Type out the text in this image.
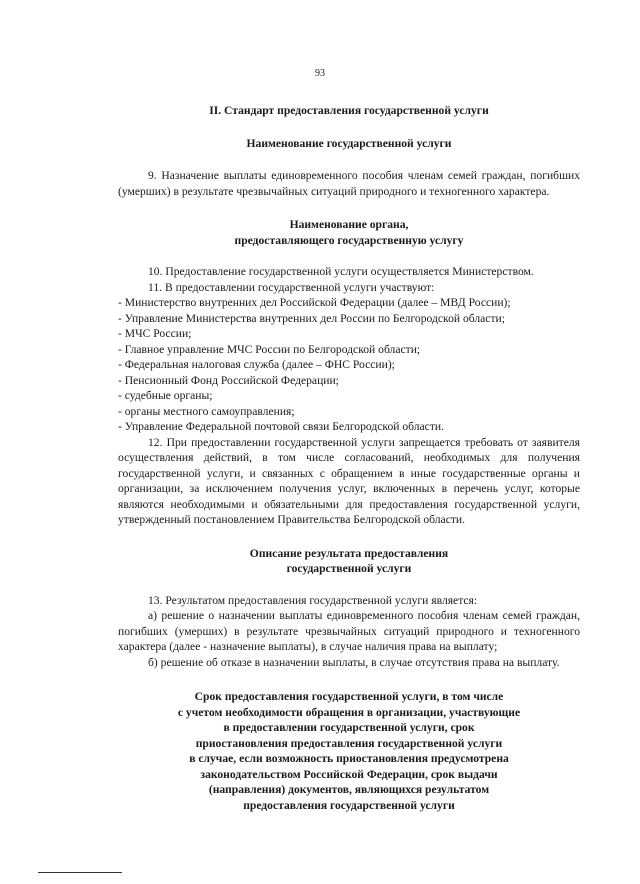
93

II. Стандарт предоставления государственной услуги

Наименование государственной услуги

9. Назначение выплаты единовременного пособия членам семей граждан, погибших (умерших) в результате чрезвычайных ситуаций природного и техногенного характера.

Наименование органа,

предоставляющего государственную услугу

10. Предоставление государственной услуги осуществляется Министерством.

11. В предоставлении государственной услуги участвуют:

- Министерство внутренних дел Российской Федерации (далее – МВД России);

- Управление Министерства внутренних дел России по Белгородской области;

- МЧС России;

- Главное управление МЧС России по Белгородской области;

- Федеральная налоговая служба (далее – ФНС России);

- Пенсионный Фонд Российской Федерации;

- судебные органы;

- органы местного самоуправления;

- Управление Федеральной почтовой связи Белгородской области.

12. При предоставлении государственной услуги запрещается требовать от заявителя осуществления действий, в том числе согласований, необходимых для получения государственной услуги, и связанных с обращением в иные государственные органы и организации, за исключением получения услуг, включенных в перечень услуг, которые являются необходимыми и обязательными для предоставления государственной услуги, утвержденный постановлением Правительства Белгородской области.

Описание результата предоставления

государственной услуги

13. Результатом предоставления государственной услуги является:

а) решение о назначении выплаты единовременного пособия членам семей граждан, погибших (умерших) в результате чрезвычайных ситуаций природного и техногенного характера (далее - назначение выплаты), в случае наличия права на выплату;

б) решение об отказе в назначении выплаты, в случае отсутствия права на выплату.

Срок предоставления государственной услуги, в том числе

с учетом необходимости обращения в организации, участвующие

в предоставлении государственной услуги, срок

приостановления предоставления государственной услуги

в случае, если возможность приостановления предусмотрена

законодательством Российской Федерации, срок выдачи

(направления) документов, являющихся результатом

предоставления государственной услуги
